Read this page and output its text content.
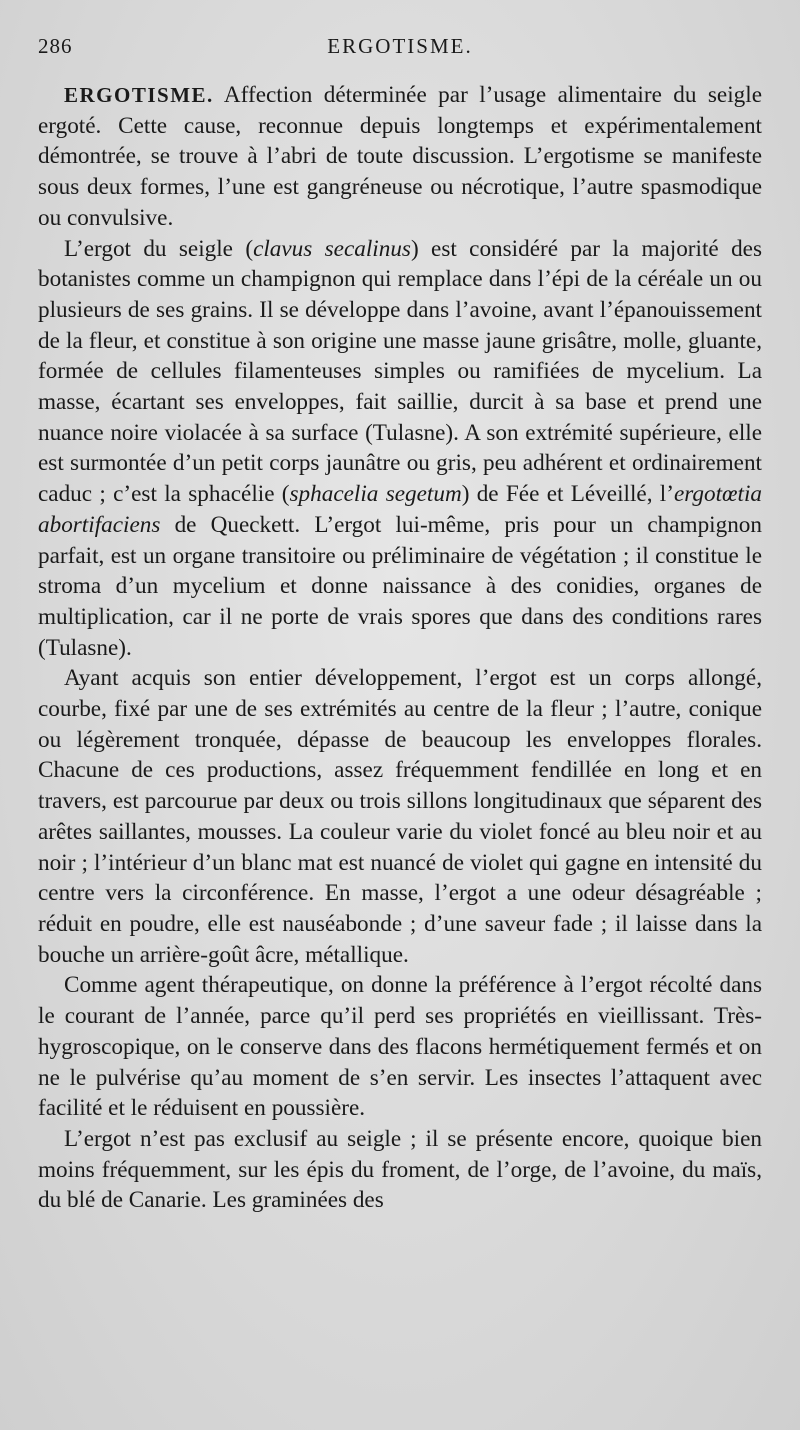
286	ERGOTISME.

ERGOTISME. Affection déterminée par l’usage alimentaire du seigle ergoté. Cette cause, reconnue depuis longtemps et expérimentalement démontrée, se trouve à l’abri de toute discussion. L’ergotisme se manifeste sous deux formes, l’une est gangréneuse ou nécrotique, l’autre spasmodique ou convulsive.

L’ergot du seigle (clavus secalinus) est considéré par la majorité des botanistes comme un champignon qui remplace dans l’épi de la céréale un ou plusieurs de ses grains. Il se développe dans l’avoine, avant l’épanouissement de la fleur, et constitue à son origine une masse jaune grisâtre, molle, gluante, formée de cellules filamenteuses simples ou ramifiées de mycelium. La masse, écartant ses enveloppes, fait saillie, durcit à sa base et prend une nuance noire violacée à sa surface (Tulasne). A son extrémité supérieure, elle est surmontée d’un petit corps jaunâtre ou gris, peu adhérent et ordinairement caduc ; c’est la sphacélie (sphacelia segetum) de Fée et Léveillé, l’ergotœtia abortifaciens de Queckett. L’ergot lui-même, pris pour un champignon parfait, est un organe transitoire ou préliminaire de végétation ; il constitue le stroma d’un mycelium et donne naissance à des conidies, organes de multiplication, car il ne porte de vrais spores que dans des conditions rares (Tulasne).

Ayant acquis son entier développement, l’ergot est un corps allongé, courbe, fixé par une de ses extrémités au centre de la fleur ; l’autre, conique ou légèrement tronquée, dépasse de beaucoup les enveloppes florales. Chacune de ces productions, assez fréquemment fendillée en long et en travers, est parcourue par deux ou trois sillons longitudinaux que séparent des arêtes saillantes, mousses. La couleur varie du violet foncé au bleu noir et au noir ; l’intérieur d’un blanc mat est nuancé de violet qui gagne en intensité du centre vers la circonférence. En masse, l’ergot a une odeur désagréable ; réduit en poudre, elle est nauséabonde ; d’une saveur fade ; il laisse dans la bouche un arrière-goût âcre, métallique.

Comme agent thérapeutique, on donne la préférence à l’ergot récolté dans le courant de l’année, parce qu’il perd ses propriétés en vieillissant. Très-hygroscopique, on le conserve dans des flacons hermétiquement fermés et on ne le pulvérise qu’au moment de s’en servir. Les insectes l’attaquent avec facilité et le réduisent en poussière.

L’ergot n’est pas exclusif au seigle ; il se présente encore, quoique bien moins fréquemment, sur les épis du froment, de l’orge, de l’avoine, du maïs, du blé de Canarie. Les graminées des
